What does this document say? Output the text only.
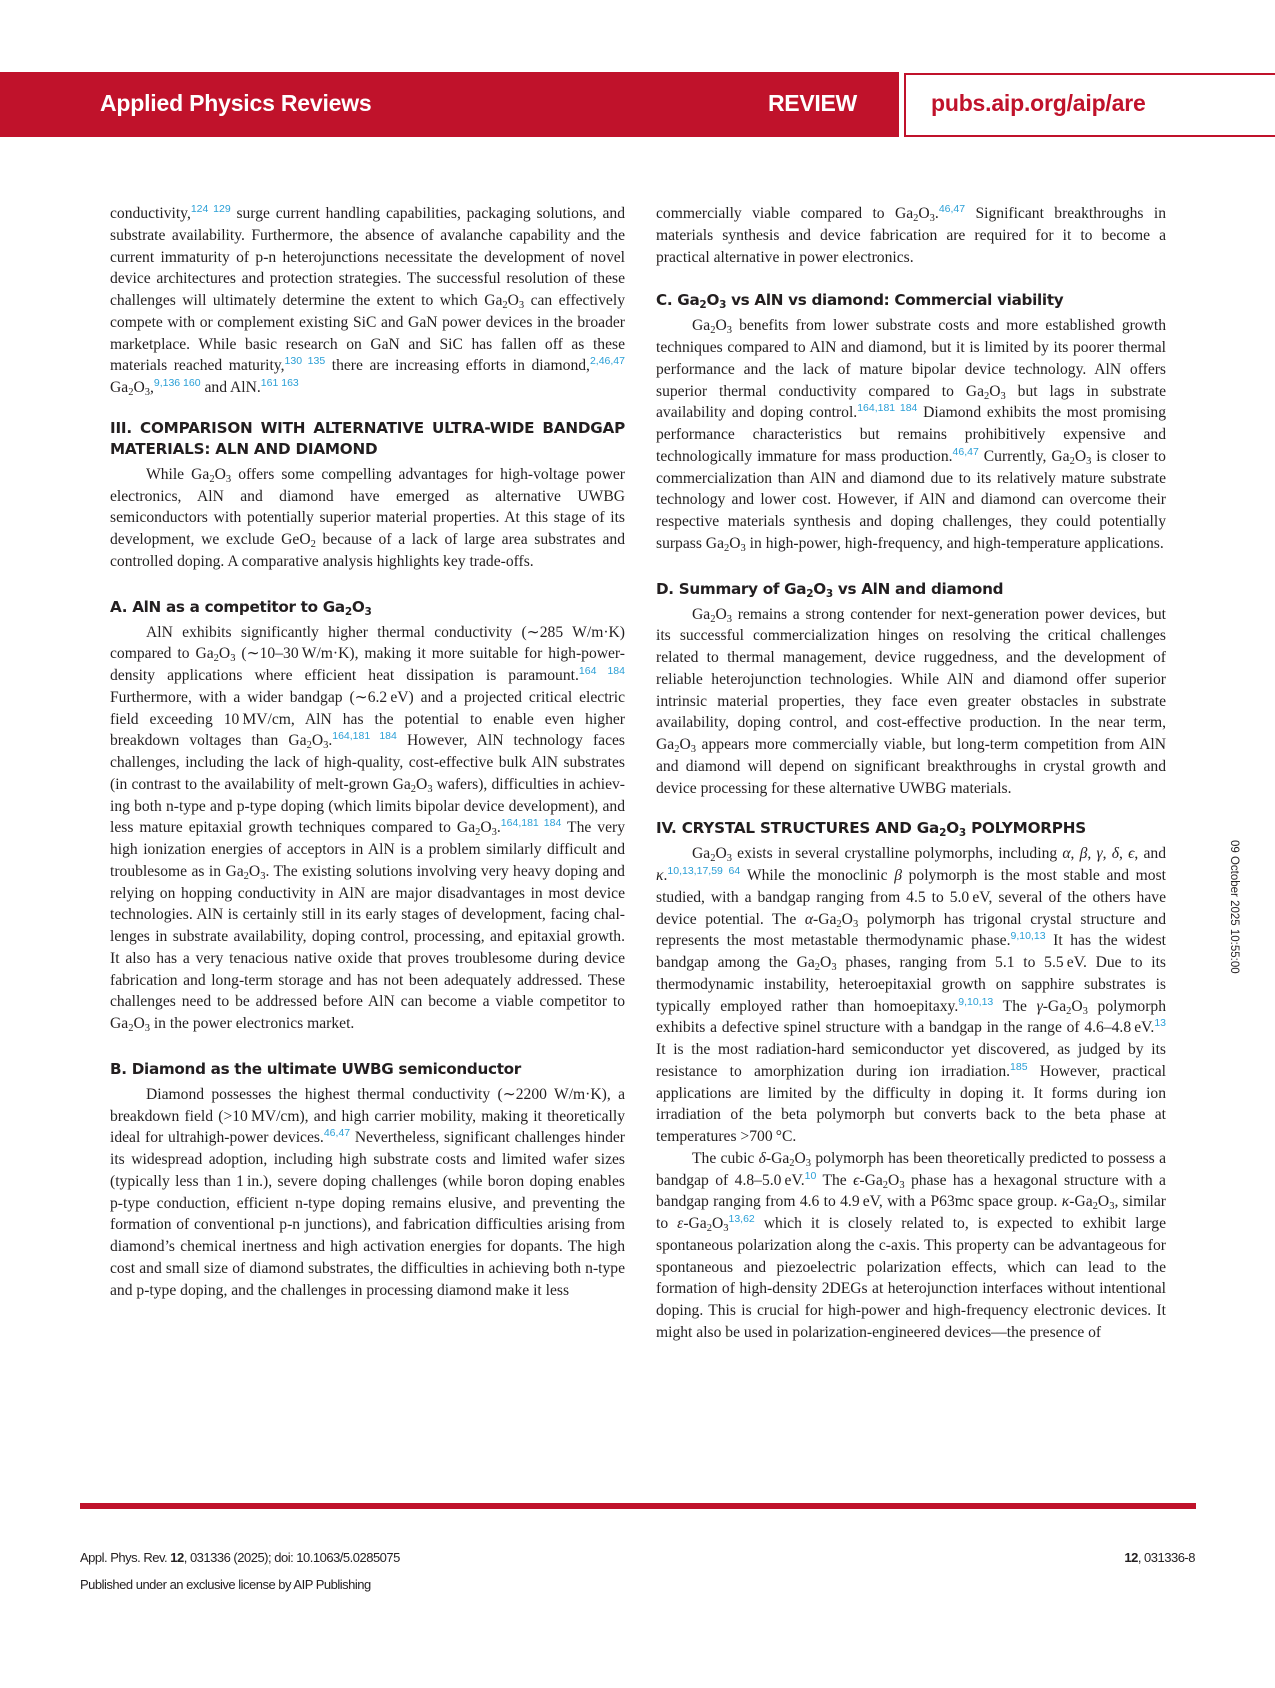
Applied Physics Reviews	REVIEW	pubs.aip.org/aip/are

conductivity,$^{124 129}$ surge current handling capabilities, packaging solutions, and substrate availability. Furthermore, the absence of avalanche capability and the current immaturity of p-n heterojunctions necessitate the development of novel device architectures and protection strategies. The successful resolution of these challenges will ultimately determine the extent to which $Ga_2O_3$ can effectively compete with or complement existing SiC and GaN power devices in the broader marketplace. While basic research on GaN and SiC has fallen off as these materials reached maturity,$^{130 135}$ there are increasing efforts in diamond,$^{2,46,47}$ $Ga_2O_3,^{9,136 160}$ and AlN.$^{161 163}$

III. COMPARISON WITH ALTERNATIVE ULTRA-WIDE BANDGAP MATERIALS: ALN AND DIAMOND

While $Ga_2O_3$ offers some compelling advantages for high-voltage power electronics, AlN and diamond have emerged as alternative UWBG semiconductors with potentially superior material properties. At this stage of its development, we exclude GeO$_2$ because of a lack of large area substrates and controlled doping. A comparative analysis highlights key trade-offs.

A. AlN as a competitor to $Ga_2O_3$

AlN exhibits significantly higher thermal conductivity (∼285 W/m·K) compared to $Ga_2O_3$ (∼10–30 W/m·K), making it more suitable for high-power-density applications where efficient heat dissipation is paramount.$^{164 184}$ Furthermore, with a wider bandgap (∼6.2 eV) and a projected critical electric field exceeding 10 MV/cm, AlN has the potential to enable even higher breakdown voltages than $Ga_2O_3.^{164,181 184}$ However, AlN technology faces challenges, including the lack of high-quality, cost-effective bulk AlN substrates (in contrast to the availability of melt-grown $Ga_2O_3$ wafers), difficulties in achieving both n-type and p-type doping (which limits bipolar device development), and less mature epitaxial growth techniques compared to $Ga_2O_3.^{164,181 184}$ The very high ionization energies of acceptors in AlN is a problem similarly difficult and troublesome as in $Ga_2O_3$. The existing solutions involving very heavy doping and relying on hopping conductivity in AlN are major disadvantages in most device technologies. AlN is certainly still in its early stages of development, facing challenges in substrate availability, doping control, processing, and epitaxial growth. It also has a very tenacious native oxide that proves troublesome during device fabrication and long-term storage and has not been adequately addressed. These challenges need to be addressed before AlN can become a viable competitor to $Ga_2O_3$ in the power electronics market.

B. Diamond as the ultimate UWBG semiconductor

Diamond possesses the highest thermal conductivity (∼2200 W/m·K), a breakdown field (>10 MV/cm), and high carrier mobility, making it theoretically ideal for ultrahigh-power devices.$^{46,47}$ Nevertheless, significant challenges hinder its widespread adoption, including high substrate costs and limited wafer sizes (typically less than 1 in.), severe doping challenges (while boron doping enables p-type conduction, efficient n-type doping remains elusive, and preventing the formation of conventional p-n junctions), and fabrication difficulties arising from diamond’s chemical inertness and high activation energies for dopants. The high cost and small size of diamond substrates, the difficulties in achieving both n-type and p-type doping, and the challenges in processing diamond make it less

commercially viable compared to $Ga_2O_3.^{46,47}$ Significant breakthroughs in materials synthesis and device fabrication are required for it to become a practical alternative in power electronics.

C. $Ga_2O_3$ vs AlN vs diamond: Commercial viability

$Ga_2O_3$ benefits from lower substrate costs and more established growth techniques compared to AlN and diamond, but it is limited by its poorer thermal performance and the lack of mature bipolar device technology. AlN offers superior thermal conductivity compared to $Ga_2O_3$ but lags in substrate availability and doping control.$^{164,181 184}$ Diamond exhibits the most promising performance characteristics but remains prohibitively expensive and technologically immature for mass production.$^{46,47}$ Currently, $Ga_2O_3$ is closer to commercialization than AlN and diamond due to its relatively mature substrate technology and lower cost. However, if AlN and diamond can overcome their respective materials synthesis and doping challenges, they could potentially surpass $Ga_2O_3$ in high-power, high-frequency, and high-temperature applications.

D. Summary of $Ga_2O_3$ vs AlN and diamond

$Ga_2O_3$ remains a strong contender for next-generation power devices, but its successful commercialization hinges on resolving the critical challenges related to thermal management, device ruggedness, and the development of reliable heterojunction technologies. While AlN and diamond offer superior intrinsic material properties, they face even greater obstacles in substrate availability, doping control, and cost-effective production. In the near term, $Ga_2O_3$ appears more commercially viable, but long-term competition from AlN and diamond will depend on significant breakthroughs in crystal growth and device processing for these alternative UWBG materials.

IV. CRYSTAL STRUCTURES AND $Ga_2O_3$ POLYMORPHS

$Ga_2O_3$ exists in several crystalline polymorphs, including α, β, γ, δ, ϵ, and κ.$^{10,13,17,59 64}$ While the monoclinic β polymorph is the most stable and most studied, with a bandgap ranging from 4.5 to 5.0 eV, several of the others have device potential. The $\alpha-Ga_2O_3$ polymorph has trigonal crystal structure and represents the most metastable thermodynamic phase.$^{9,10,13}$ It has the widest bandgap among the $Ga_2O_3$ phases, ranging from 5.1 to 5.5 eV. Due to its thermodynamic instability, heteroepitaxial growth on sapphire substrates is typically employed rather than homoepitaxy.$^{9,10,13}$ The $\gamma-Ga_2O_3$ polymorph exhibits a defective spinel structure with a bandgap in the range of 4.6–4.8 eV.$^{13}$ It is the most radiation-hard semiconductor yet discovered, as judged by its resistance to amorphization during ion irradiation.$^{185}$ However, practical applications are limited by the difficulty in doping it. It forms during ion irradiation of the beta polymorph but converts back to the beta phase at temperatures >700 °C.

The cubic $\delta-Ga_2O_3$ polymorph has been theoretically predicted to possess a bandgap of 4.8–5.0 eV.$^{10}$ The $\epsilon-Ga_2O_3$ phase has a hexagonal structure with a bandgap ranging from 4.6 to 4.9 eV, with a P63mc space group. $\kappa-Ga_2O_3$, similar to $\varepsilon-Ga_2O_3^{13,62}$ which it is closely related to, is expected to exhibit large spontaneous polarization along the c-axis. This property can be advantageous for spontaneous and piezoelectric polarization effects, which can lead to the formation of high-density 2DEGs at heterojunction interfaces without intentional doping. This is crucial for high-power and high-frequency electronic devices. It might also be used in polarization-engineered devices—the presence of

09 October 2025 10:55:00
Appl. Phys. Rev. 12, 031336 (2025); doi: 10.1063/5.0285075	12, 031336-8
Published under an exclusive license by AIP Publishing
